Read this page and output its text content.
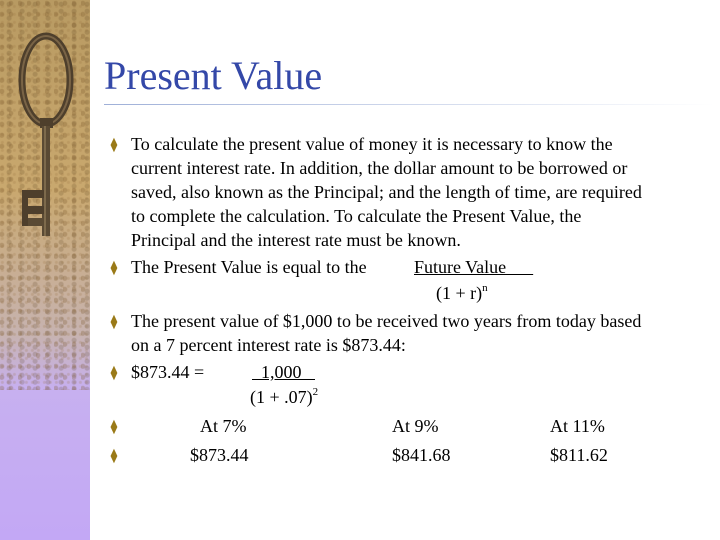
Present Value
⧫
To calculate the present value of money it is necessary to know the
current interest rate. In addition, the dollar amount to be borrowed or
saved, also known as the Principal; and the length of time, are required
to complete the calculation. To calculate the Present Value, the
Principal and the interest rate must be known.
⧫
The Present Value is equal to the	Future Value
$(1 + r)^n$
⧫
The present value of $1,000 to be received two years from today based
on a 7 percent interest rate is $873.44:
⧫
$873.44 =	1,000
$(1 + .07)^2$
⧫
At 7%	At 9%	At 11%
⧫
$873.44	$841.68	$811.62
